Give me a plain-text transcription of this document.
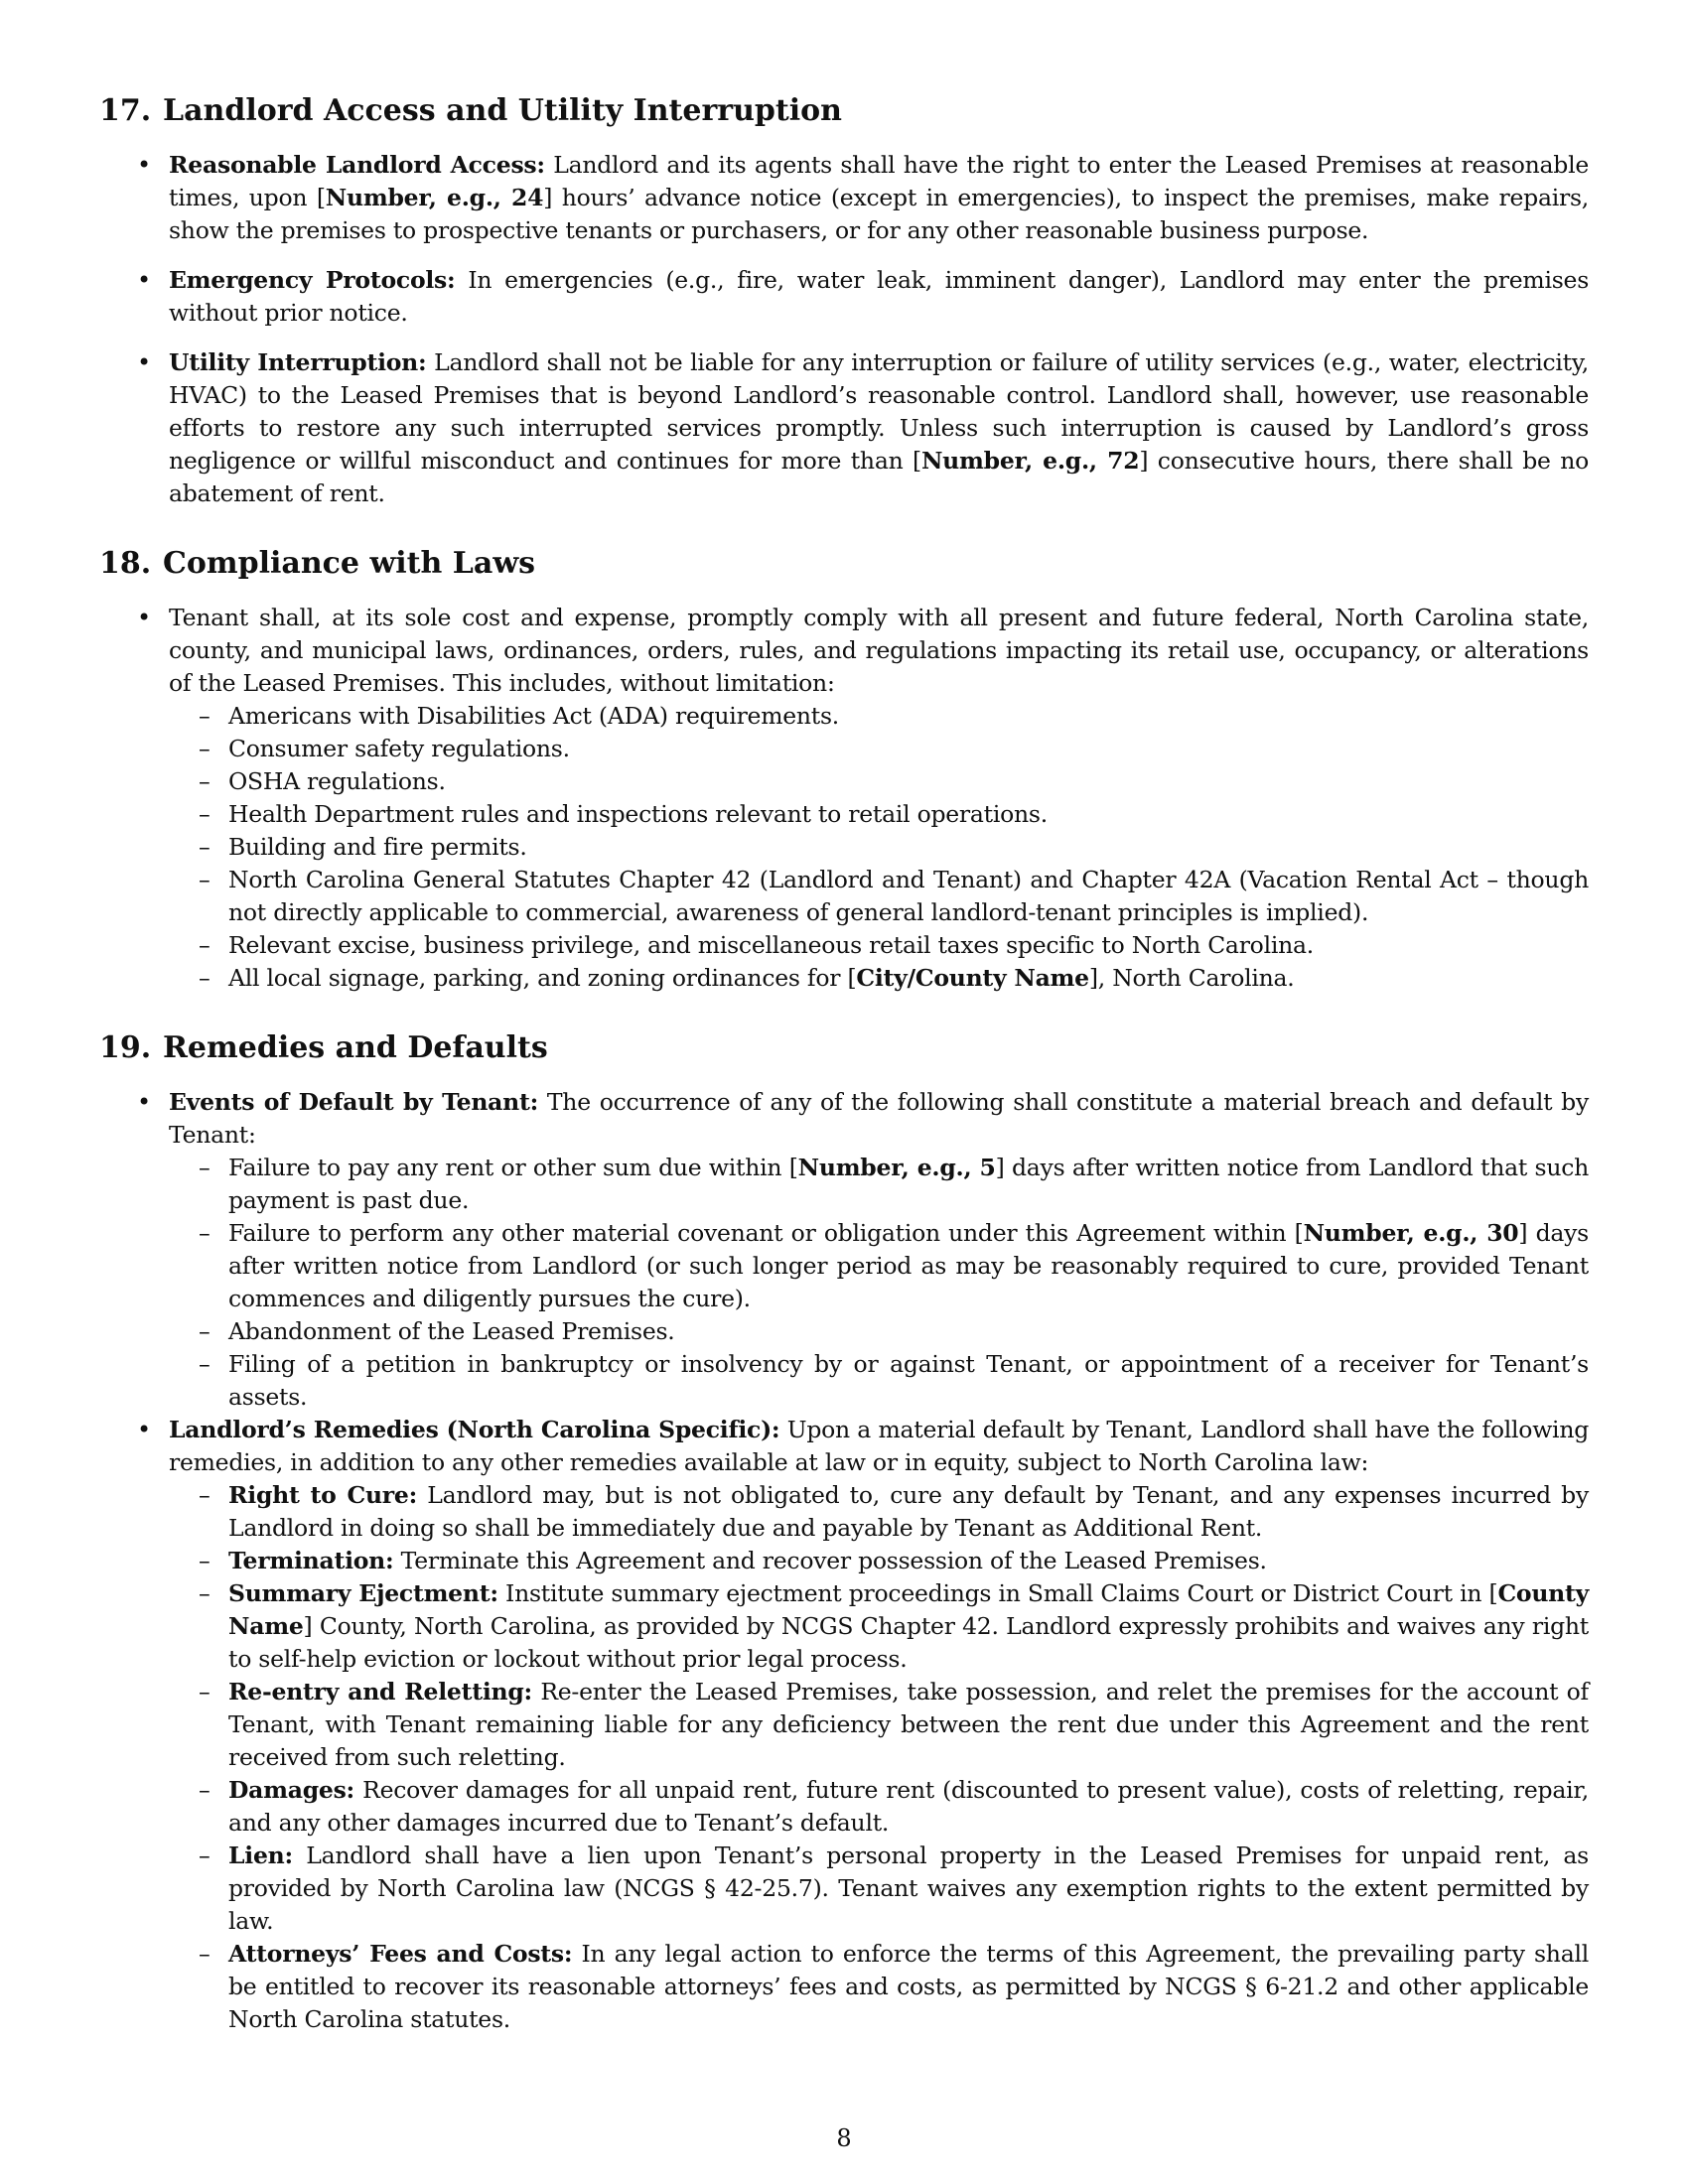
17. Landlord Access and Utility Interruption
• Reasonable Landlord Access: Landlord and its agents shall have the right to enter the Leased Premises at reasonable times, upon [Number, e.g., 24] hours’ advance notice (except in emergencies), to inspect the premises, make repairs, show the premises to prospective tenants or purchasers, or for any other reasonable business purpose.
• Emergency Protocols: In emergencies (e.g., fire, water leak, imminent danger), Landlord may enter the premises without prior notice.
• Utility Interruption: Landlord shall not be liable for any interruption or failure of utility services (e.g., water, electricity, HVAC) to the Leased Premises that is beyond Landlord’s reasonable control. Landlord shall, however, use reasonable efforts to restore any such interrupted services promptly. Unless such interruption is caused by Landlord’s gross negligence or willful misconduct and continues for more than [Number, e.g., 72] consecutive hours, there shall be no abatement of rent.
18. Compliance with Laws
• Tenant shall, at its sole cost and expense, promptly comply with all present and future federal, North Carolina state, county, and municipal laws, ordinances, orders, rules, and regulations impacting its retail use, occupancy, or alterations of the Leased Premises. This includes, without limitation:
– Americans with Disabilities Act (ADA) requirements.
– Consumer safety regulations.
– OSHA regulations.
– Health Department rules and inspections relevant to retail operations.
– Building and fire permits.
– North Carolina General Statutes Chapter 42 (Landlord and Tenant) and Chapter 42A (Vacation Rental Act – though not directly applicable to commercial, awareness of general landlord-tenant principles is implied).
– Relevant excise, business privilege, and miscellaneous retail taxes specific to North Carolina.
– All local signage, parking, and zoning ordinances for [City/County Name], North Carolina.
19. Remedies and Defaults
• Events of Default by Tenant: The occurrence of any of the following shall constitute a material breach and default by Tenant:
– Failure to pay any rent or other sum due within [Number, e.g., 5] days after written notice from Landlord that such payment is past due.
– Failure to perform any other material covenant or obligation under this Agreement within [Number, e.g., 30] days after written notice from Landlord (or such longer period as may be reasonably required to cure, provided Tenant commences and diligently pursues the cure).
– Abandonment of the Leased Premises.
– Filing of a petition in bankruptcy or insolvency by or against Tenant, or appointment of a receiver for Tenant’s assets.
• Landlord’s Remedies (North Carolina Specific): Upon a material default by Tenant, Landlord shall have the following remedies, in addition to any other remedies available at law or in equity, subject to North Carolina law:
– Right to Cure: Landlord may, but is not obligated to, cure any default by Tenant, and any expenses incurred by Landlord in doing so shall be immediately due and payable by Tenant as Additional Rent.
– Termination: Terminate this Agreement and recover possession of the Leased Premises.
– Summary Ejectment: Institute summary ejectment proceedings in Small Claims Court or District Court in [County Name] County, North Carolina, as provided by NCGS Chapter 42. Landlord expressly prohibits and waives any right to self-help eviction or lockout without prior legal process.
– Re-entry and Reletting: Re-enter the Leased Premises, take possession, and relet the premises for the account of Tenant, with Tenant remaining liable for any deficiency between the rent due under this Agreement and the rent received from such reletting.
– Damages: Recover damages for all unpaid rent, future rent (discounted to present value), costs of reletting, repair, and any other damages incurred due to Tenant’s default.
– Lien: Landlord shall have a lien upon Tenant’s personal property in the Leased Premises for unpaid rent, as provided by North Carolina law (NCGS § 42-25.7). Tenant waives any exemption rights to the extent permitted by law.
– Attorneys’ Fees and Costs: In any legal action to enforce the terms of this Agreement, the prevailing party shall be entitled to recover its reasonable attorneys’ fees and costs, as permitted by NCGS § 6-21.2 and other applicable North Carolina statutes.
8
